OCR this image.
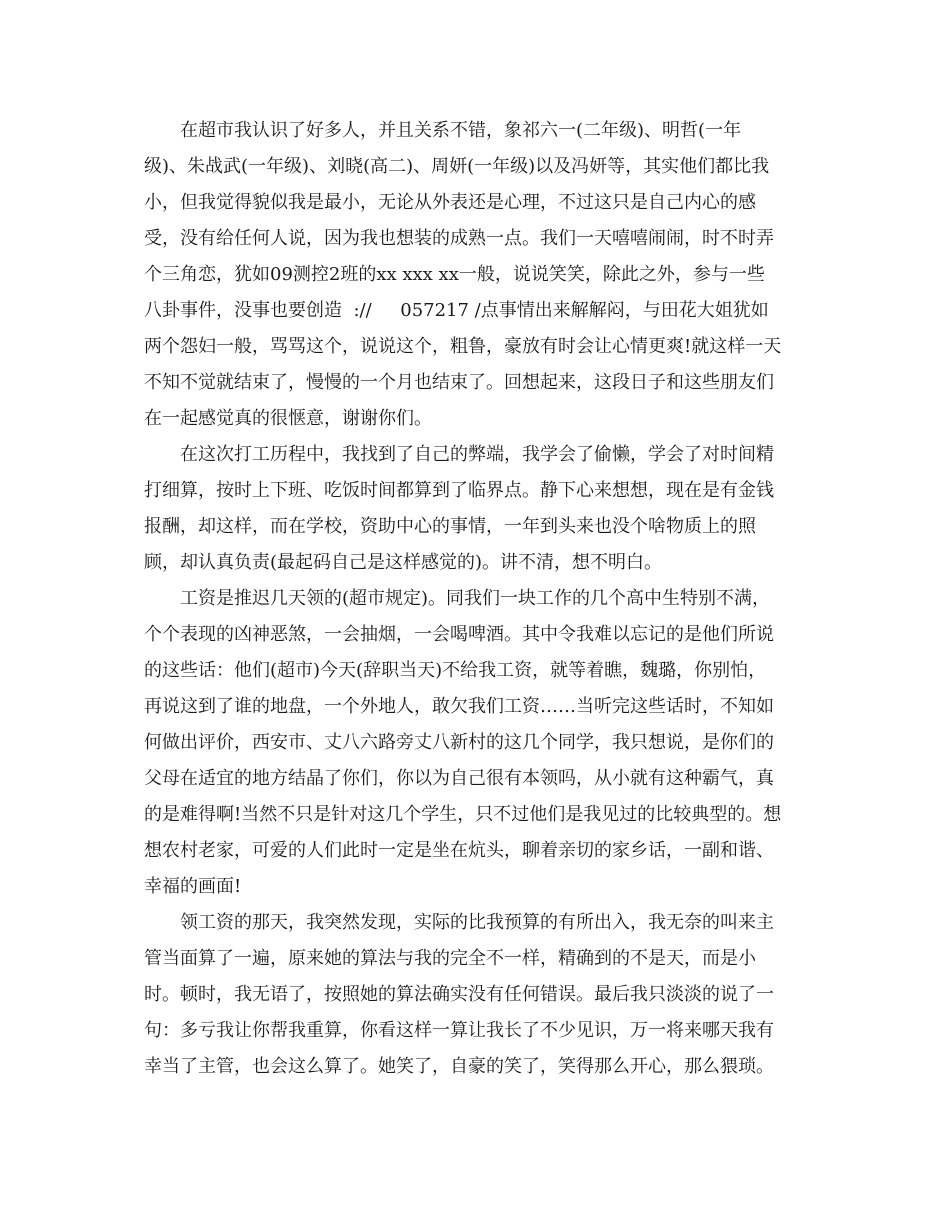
在超市我认识了好多人，并且关系不错，象祁六一(二年级)、明哲(一年
级)、朱战武(一年级)、刘晓(高二)、周妍(一年级)以及冯妍等，其实他们都比我
小，但我觉得貌似我是最小，无论从外表还是心理，不过这只是自己内心的感
受，没有给任何人说，因为我也想装的成熟一点。我们一天嘻嘻闹闹，时不时弄
个三角恋，犹如09测控2班的xx xxx xx一般，说说笑笑，除此之外，参与一些
八卦事件，没事也要创造  ://     057217 /点事情出来解解闷，与田花大姐犹如
两个怨妇一般，骂骂这个，说说这个，粗鲁，豪放有时会让心情更爽!就这样一天
不知不觉就结束了，慢慢的一个月也结束了。回想起来，这段日子和这些朋友们
在一起感觉真的很惬意，谢谢你们。
在这次打工历程中，我找到了自己的弊端，我学会了偷懒，学会了对时间精
打细算，按时上下班、吃饭时间都算到了临界点。静下心来想想，现在是有金钱
报酬，却这样，而在学校，资助中心的事情，一年到头来也没个啥物质上的照
顾，却认真负责(最起码自己是这样感觉的)。讲不清，想不明白。
工资是推迟几天领的(超市规定)。同我们一块工作的几个高中生特别不满，
个个表现的凶神恶煞，一会抽烟，一会喝啤酒。其中令我难以忘记的是他们所说
的这些话：他们(超市)今天(辞职当天)不给我工资，就等着瞧，魏璐，你别怕，
再说这到了谁的地盘，一个外地人，敢欠我们工资……当听完这些话时，不知如
何做出评价，西安市、丈八六路旁丈八新村的这几个同学，我只想说，是你们的
父母在适宜的地方结晶了你们，你以为自己很有本领吗，从小就有这种霸气，真
的是难得啊!当然不只是针对这几个学生，只不过他们是我见过的比较典型的。想
想农村老家，可爱的人们此时一定是坐在炕头，聊着亲切的家乡话，一副和谐、
幸福的画面!
领工资的那天，我突然发现，实际的比我预算的有所出入，我无奈的叫来主
管当面算了一遍，原来她的算法与我的完全不一样，精确到的不是天，而是小
时。顿时，我无语了，按照她的算法确实没有任何错误。最后我只淡淡的说了一
句：多亏我让你帮我重算，你看这样一算让我长了不少见识，万一将来哪天我有
幸当了主管，也会这么算了。她笑了，自豪的笑了，笑得那么开心，那么猥琐。
